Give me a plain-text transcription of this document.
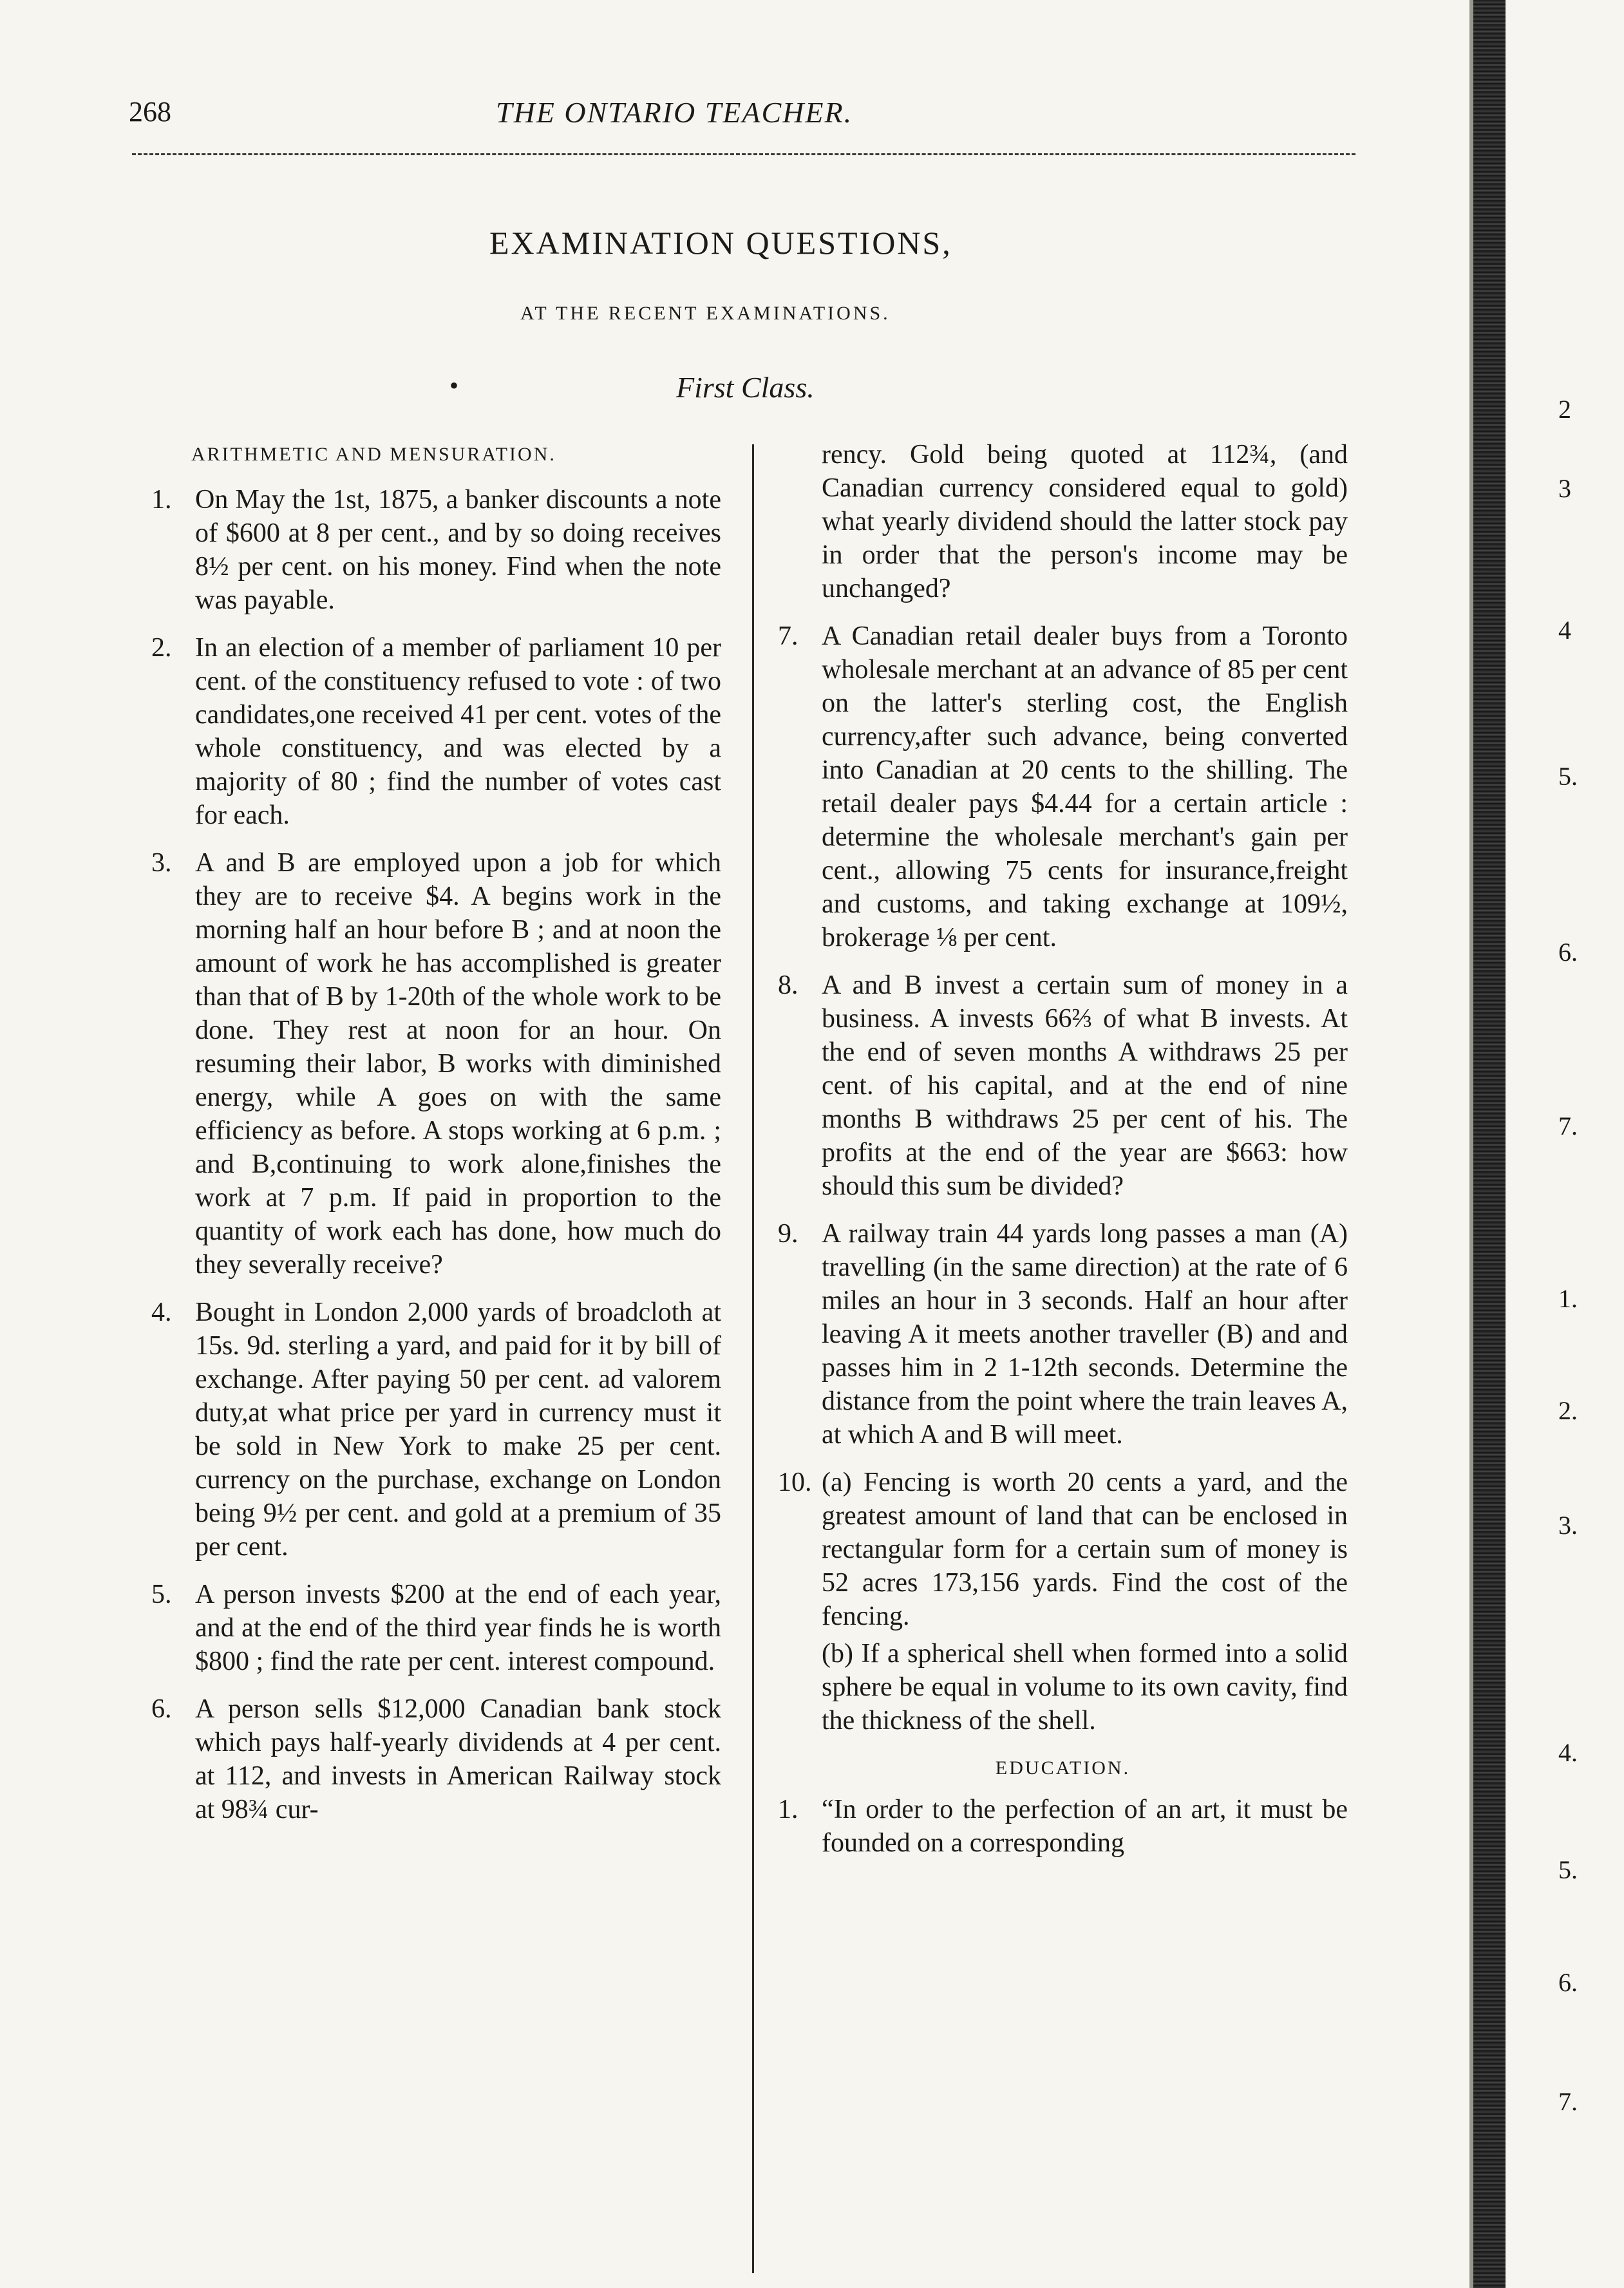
268	THE ONTARIO TEACHER.
EXAMINATION QUESTIONS,
AT THE RECENT EXAMINATIONS.
•	First Class.
ARITHMETIC AND MENSURATION.
1. On May the 1st, 1875, a banker discounts a note of $600 at 8 per cent., and by so doing receives 8½ per cent. on his money. Find when the note was payable.
2. In an election of a member of parliament 10 per cent. of the constituency refused to vote : of two candidates,one received 41 per cent. votes of the whole constituency, and was elected by a majority of 80 ; find the number of votes cast for each.
3. A and B are employed upon a job for which they are to receive $4. A begins work in the morning half an hour before B ; and at noon the amount of work he has accomplished is greater than that of B by 1-20th of the whole work to be done. They rest at noon for an hour. On resuming their labor, B works with diminished energy, while A goes on with the same efficiency as before. A stops working at 6 p.m. ; and B,continuing to work alone,finishes the work at 7 p.m. If paid in proportion to the quantity of work each has done, how much do they severally receive?
4. Bought in London 2,000 yards of broadcloth at 15s. 9d. sterling a yard, and paid for it by bill of exchange. After paying 50 per cent. ad valorem duty,at what price per yard in currency must it be sold in New York to make 25 per cent. currency on the purchase, exchange on London being 9½ per cent. and gold at a premium of 35 per cent.
5. A person invests $200 at the end of each year, and at the end of the third year finds he is worth $800 ; find the rate per cent. interest compound.
6. A person sells $12,000 Canadian bank stock which pays half-yearly dividends at 4 per cent. at 112, and invests in American Railway stock at 98¾ cur-
rency. Gold being quoted at 112¾, (and Canadian currency considered equal to gold) what yearly dividend should the latter stock pay in order that the person's income may be unchanged?
7. A Canadian retail dealer buys from a Toronto wholesale merchant at an advance of 85 per cent on the latter's sterling cost, the English currency,after such advance, being converted into Canadian at 20 cents to the shilling. The retail dealer pays $4.44 for a certain article : determine the wholesale merchant's gain per cent., allowing 75 cents for insurance,freight and customs, and taking exchange at 109½, brokerage ⅛ per cent.
8. A and B invest a certain sum of money in a business. A invests 66⅔ of what B invests. At the end of seven months A withdraws 25 per cent. of his capital, and at the end of nine months B withdraws 25 per cent of his. The profits at the end of the year are $663: how should this sum be divided?
9. A railway train 44 yards long passes a man (A) travelling (in the same direction) at the rate of 6 miles an hour in 3 seconds. Half an hour after leaving A it meets another traveller (B) and and passes him in 2 1-12th seconds. Determine the distance from the point where the train leaves A, at which A and B will meet.
10. (a) Fencing is worth 20 cents a yard, and the greatest amount of land that can be enclosed in rectangular form for a certain sum of money is 52 acres 173,156 yards. Find the cost of the fencing.
(b) If a spherical shell when formed into a solid sphere be equal in volume to its own cavity, find the thickness of the shell.
EDUCATION.
1. “In order to the perfection of an art, it must be founded on a corresponding
2
3
4
5.
6.
7.
1.
2.
3.
4.
5.
6.
7.
